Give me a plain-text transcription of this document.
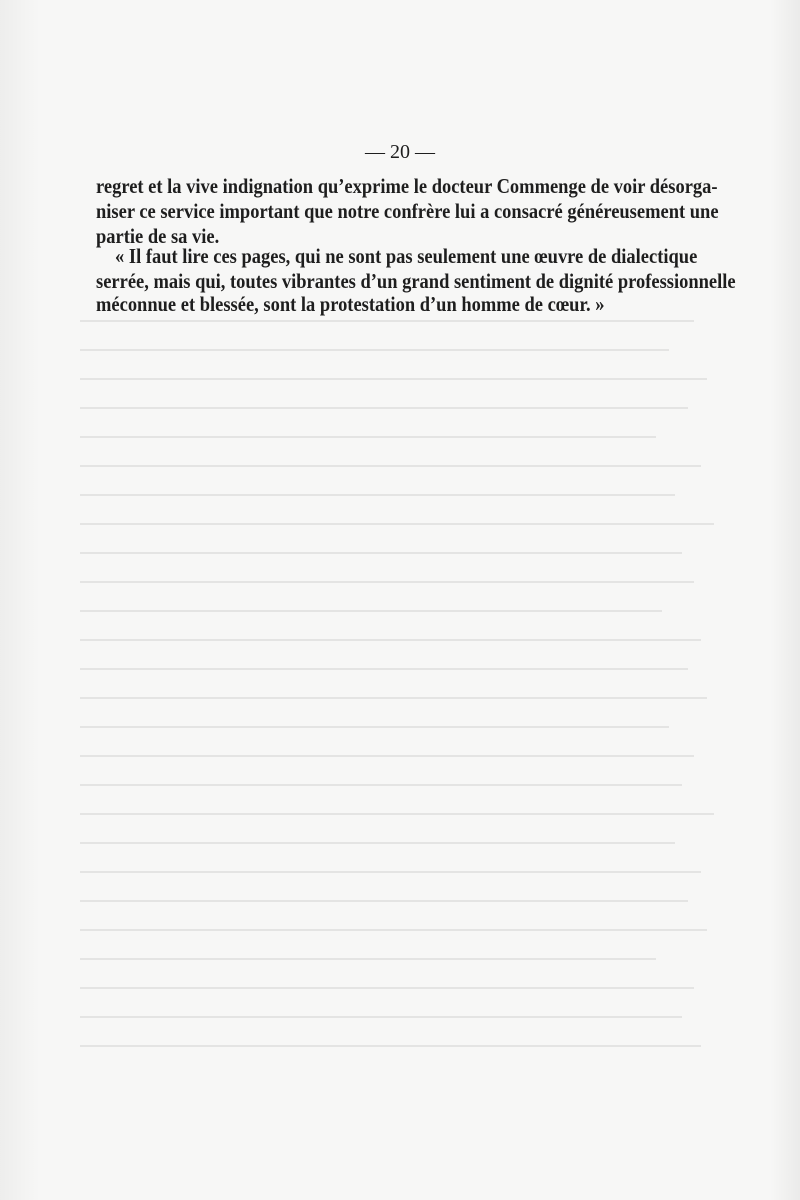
— 20 —
regret et la vive indignation qu’exprime le docteur Commenge de voir désorga-
niser ce service important que notre confrère lui a consacré généreusement une
partie de sa vie.
« Il faut lire ces pages, qui ne sont pas seulement une œuvre de dialectique
serrée, mais qui, toutes vibrantes d’un grand sentiment de dignité professionnelle
méconnue et blessée, sont la protestation d’un homme de cœur. »
